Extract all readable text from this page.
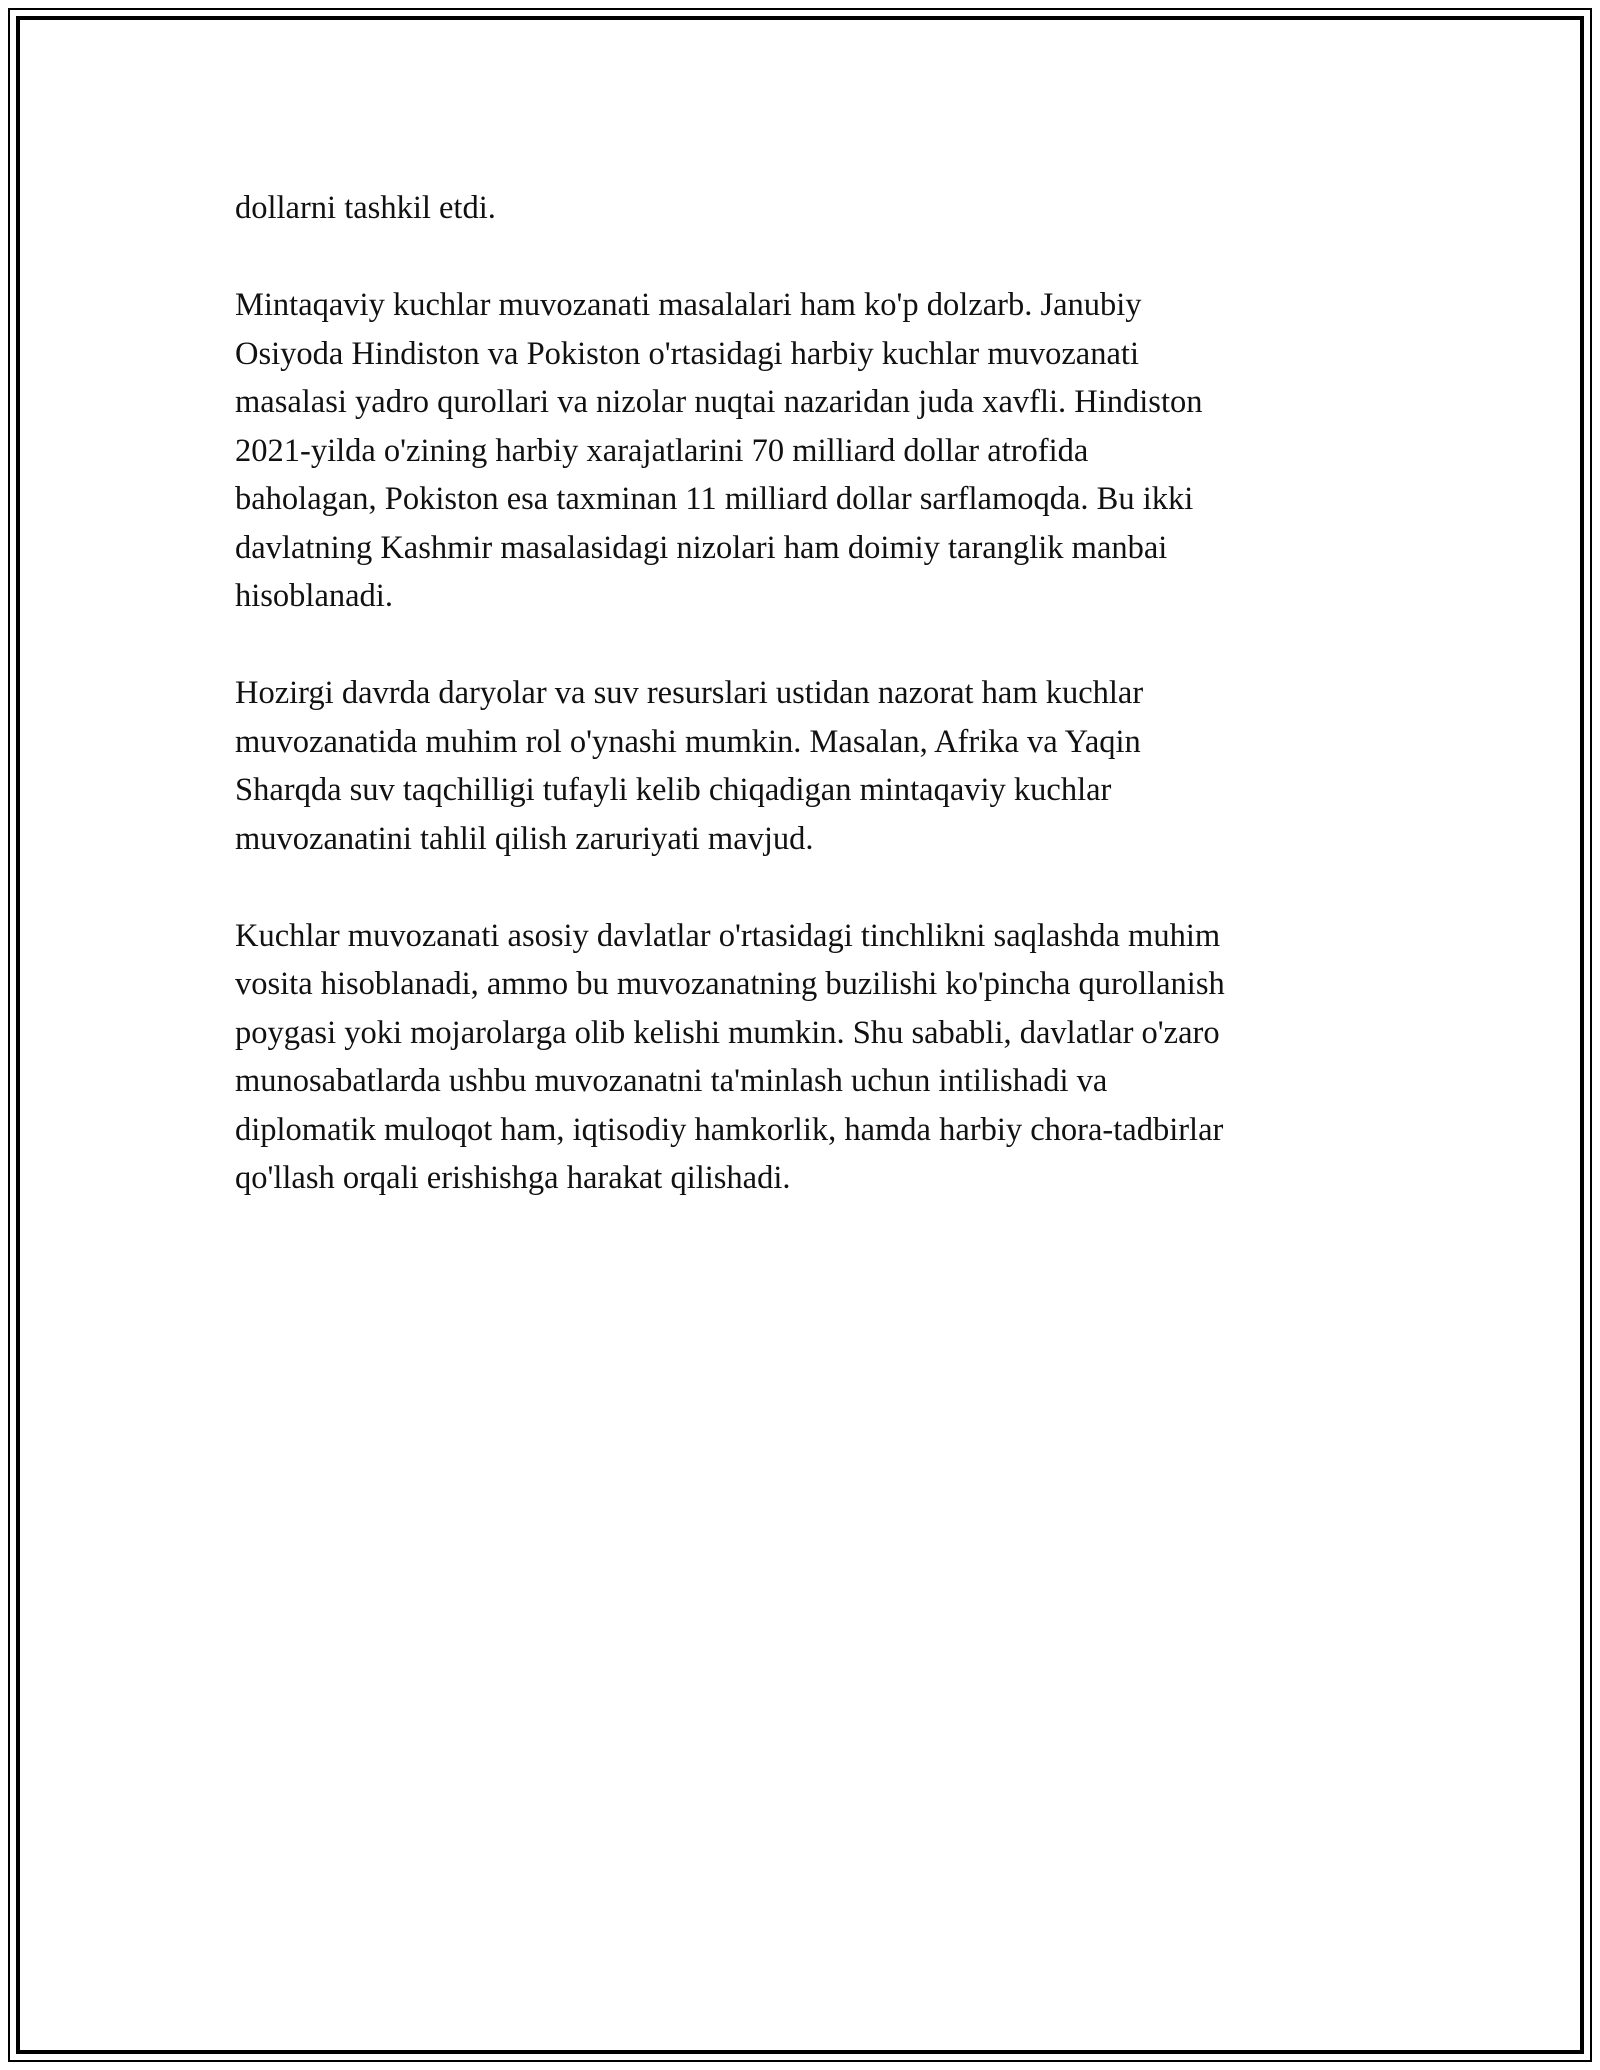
dollarni tashkil etdi.

Mintaqaviy kuchlar muvozanati masalalari ham ko'p dolzarb. Janubiy
Osiyoda Hindiston va Pokiston o'rtasidagi harbiy kuchlar muvozanati
masalasi yadro qurollari va nizolar nuqtai nazaridan juda xavfli. Hindiston
2021-yilda o'zining harbiy xarajatlarini 70 milliard dollar atrofida
baholagan, Pokiston esa taxminan 11 milliard dollar sarflamoqda. Bu ikki
davlatning Kashmir masalasidagi nizolari ham doimiy taranglik manbai
hisoblanadi.

Hozirgi davrda daryolar va suv resurslari ustidan nazorat ham kuchlar
muvozanatida muhim rol o'ynashi mumkin. Masalan, Afrika va Yaqin
Sharqda suv taqchilligi tufayli kelib chiqadigan mintaqaviy kuchlar
muvozanatini tahlil qilish zaruriyati mavjud.

Kuchlar muvozanati asosiy davlatlar o'rtasidagi tinchlikni saqlashda muhim
vosita hisoblanadi, ammo bu muvozanatning buzilishi ko'pincha qurollanish
poygasi yoki mojarolarga olib kelishi mumkin. Shu sababli, davlatlar o'zaro
munosabatlarda ushbu muvozanatni ta'minlash uchun intilishadi va
diplomatik muloqot ham, iqtisodiy hamkorlik, hamda harbiy chora-tadbirlar
qo'llash orqali erishishga harakat qilishadi.
